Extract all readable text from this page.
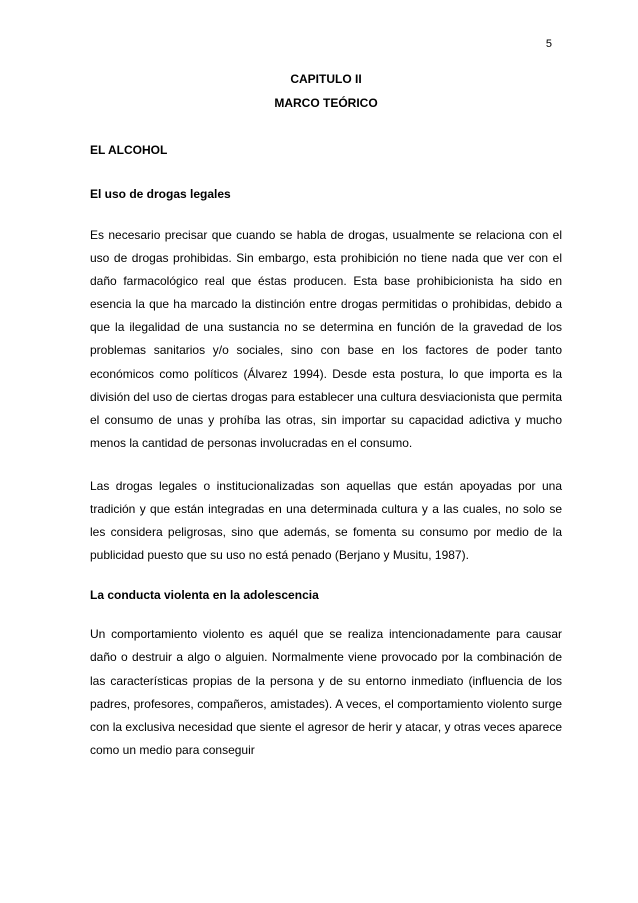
5

CAPITULO II

MARCO TEÓRICO

EL ALCOHOL

El uso de drogas legales

Es necesario precisar que cuando se habla de drogas, usualmente se relaciona con el uso de drogas prohibidas. Sin embargo, esta prohibición no tiene nada que ver con el daño farmacológico real que éstas producen. Esta base prohibicionista ha sido en esencia la que ha marcado la distinción entre drogas permitidas o prohibidas, debido a que la ilegalidad de una sustancia no se determina en función de la gravedad de los problemas sanitarios y/o sociales, sino con base en los factores de poder tanto económicos como políticos (Álvarez 1994). Desde esta postura, lo que importa es la división del uso de ciertas drogas para establecer una cultura desviacionista que permita el consumo de unas y prohíba las otras, sin importar su capacidad adictiva y mucho menos la cantidad de personas involucradas en el consumo.

Las drogas legales o institucionalizadas son aquellas que están apoyadas por una tradición y que están integradas en una determinada cultura y a las cuales, no solo se les considera peligrosas, sino que además, se fomenta su consumo por medio de la publicidad puesto que su uso no está penado (Berjano y Musitu, 1987).

La conducta violenta en la adolescencia

Un comportamiento violento es aquél que se realiza intencionadamente para causar daño o destruir a algo o alguien. Normalmente viene provocado por la combinación de las características propias de la persona y de su entorno inmediato (influencia de los padres, profesores, compañeros, amistades). A veces, el comportamiento violento surge con la exclusiva necesidad que siente el agresor de herir y atacar, y otras veces aparece como un medio para conseguir
